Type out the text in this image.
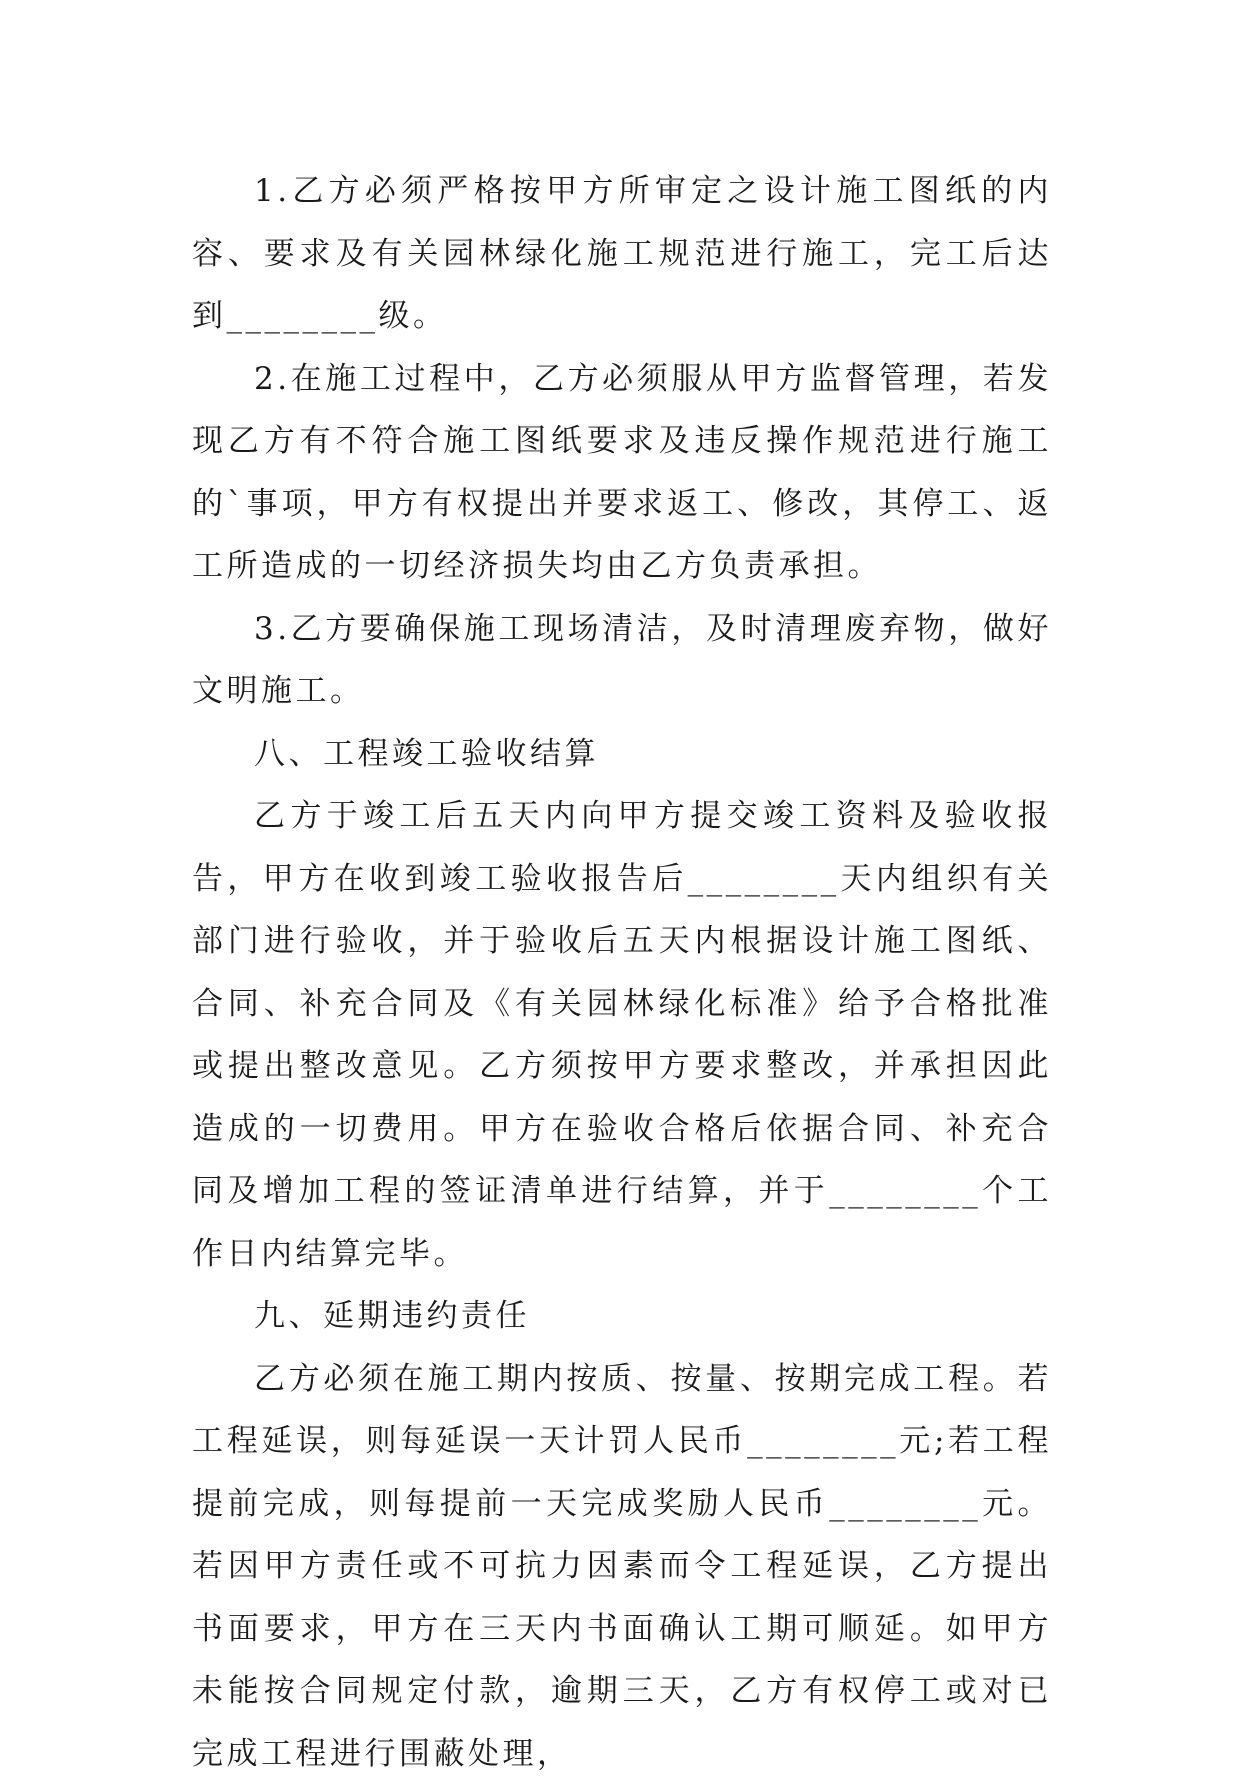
1.乙方必须严格按甲方所审定之设计施工图纸的内容、要求及有关园林绿化施工规范进行施工，完工后达到________级。

2.在施工过程中，乙方必须服从甲方监督管理，若发现乙方有不符合施工图纸要求及违反操作规范进行施工的`事项，甲方有权提出并要求返工、修改，其停工、返工所造成的一切经济损失均由乙方负责承担。

3.乙方要确保施工现场清洁，及时清理废弃物，做好文明施工。

八、工程竣工验收结算

乙方于竣工后五天内向甲方提交竣工资料及验收报告，甲方在收到竣工验收报告后________天内组织有关部门进行验收，并于验收后五天内根据设计施工图纸、合同、补充合同及《有关园林绿化标准》给予合格批准或提出整改意见。乙方须按甲方要求整改，并承担因此造成的一切费用。甲方在验收合格后依据合同、补充合同及增加工程的签证清单进行结算，并于________个工作日内结算完毕。

九、延期违约责任

乙方必须在施工期内按质、按量、按期完成工程。若工程延误，则每延误一天计罚人民币________元;若工程提前完成，则每提前一天完成奖励人民币________元。若因甲方责任或不可抗力因素而令工程延误，乙方提出书面要求，甲方在三天内书面确认工期可顺延。如甲方未能按合同规定付款，逾期三天，乙方有权停工或对已完成工程进行围蔽处理，
